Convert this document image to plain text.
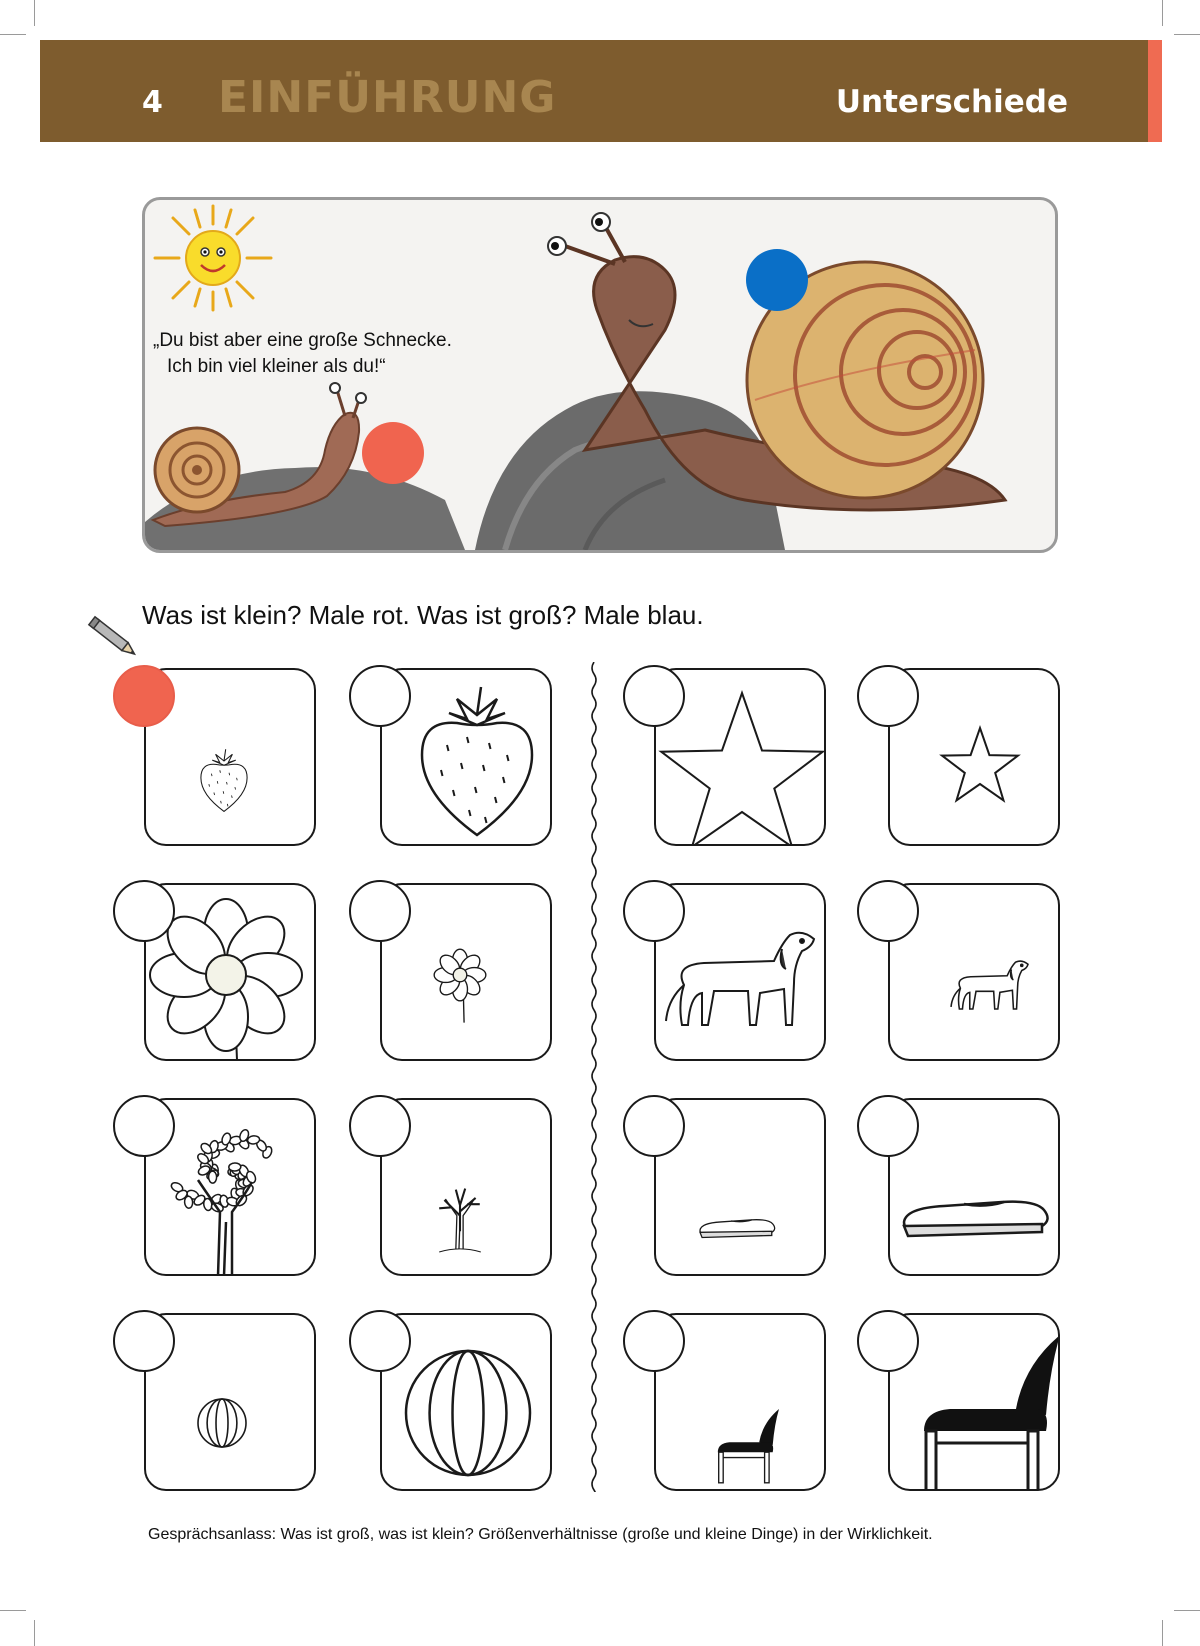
4 EINFÜHRUNG	Unterschiede
„Du bist aber eine große Schnecke.
Ich bin viel kleiner als du!“
Was ist klein? Male rot. Was ist groß? Male blau.
Gesprächsanlass: Was ist groß, was ist klein? Größenverhältnisse (große und kleine Dinge) in der Wirklichkeit.
